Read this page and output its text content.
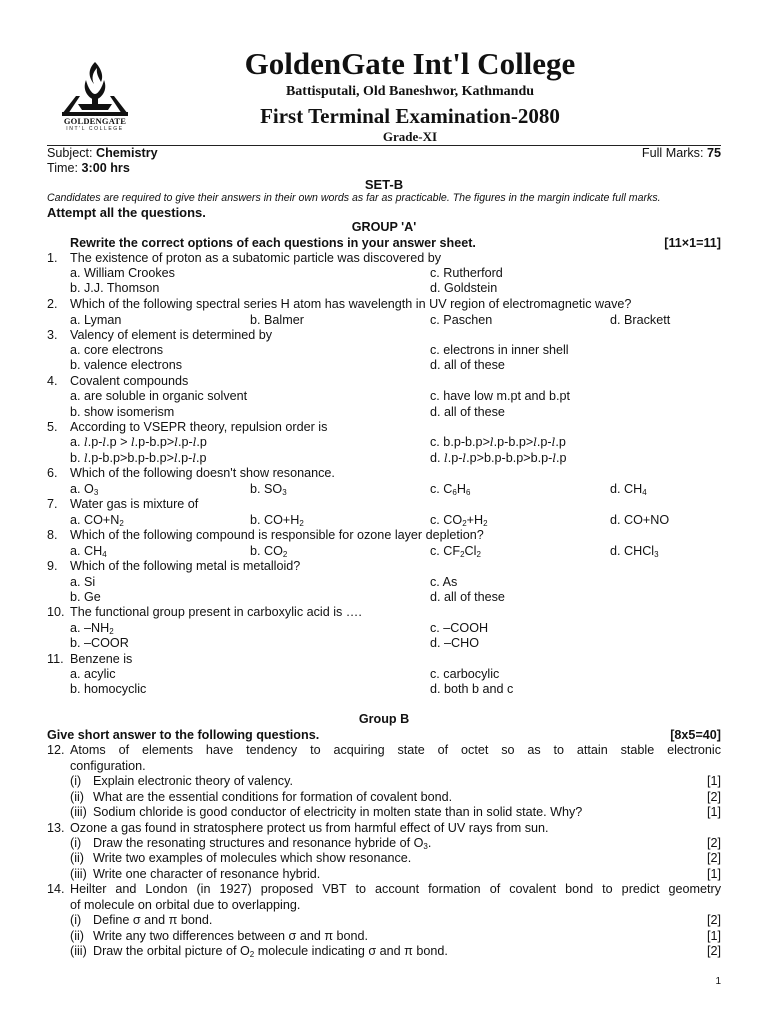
GOLDENGATE
INT'L COLLEGE
GoldenGate Int'l College
Battisputali, Old Baneshwor, Kathmandu
First Terminal Examination-2080
Grade-XI
Subject: Chemistry	Full Marks: 75
Time: 3:00 hrs
SET-B
Candidates are required to give their answers in their own words as far as practicable. The figures in the margin indicate full marks.
Attempt all the questions.
GROUP 'A'
Rewrite the correct options of each questions in your answer sheet.	[11×1=11]
1. The existence of proton as a subatomic particle was discovered by
a. William Crookes	c. Rutherford
b. J.J. Thomson	d. Goldstein
2. Which of the following spectral series H atom has wavelength in UV region of electromagnetic wave?
a. Lyman	b. Balmer	c. Paschen	d. Brackett
3. Valency of element is determined by
a. core electrons	c. electrons in inner shell
b. valence electrons	d. all of these
4. Covalent compounds
a. are soluble in organic solvent	c. have low m.pt and b.pt
b. show isomerism	d. all of these
5. According to VSEPR theory, repulsion order is
a. l.p-l.p > l.p-b.p>l.p-l.p	c. b.p-b.p>l.p-b.p>l.p-l.p
b. l.p-b.p>b.p-b.p>l.p-l.p	d. l.p-l.p>b.p-b.p>b.p-l.p
6. Which of the following doesn't show resonance.
a. $O_3$	b. $SO_3$	c. $C_6H_6$	d. $CH_4$
7. Water gas is mixture of
a. $CO+N_2$	b. $CO+H_2$	c. $CO_2+H_2$	d. CO+NO
8. Which of the following compound is responsible for ozone layer depletion?
a. $CH_4$	b. $CO_2$	c. $CF_2Cl_2$	d. CHCl$_3$
9. Which of the following metal is metalloid?
a. Si	c. As
b. Ge	d. all of these
10. The functional group present in carboxylic acid is ….
a. $-NH_2$	c. –COOH
b. –COOR	d. –CHO
11. Benzene is
a. acylic	c. carbocylic
b. homocyclic	d. both b and c
Group B
Give short answer to the following questions.	[8x5=40]
12. Atoms of elements have tendency to acquiring state of octet so as to attain stable electronic
configuration.
(i) Explain electronic theory of valency.	[1]
(ii) What are the essential conditions for formation of covalent bond.	[2]
(iii) Sodium chloride is good conductor of electricity in molten state than in solid state. Why?	[1]
13. Ozone a gas found in stratosphere protect us from harmful effect of UV rays from sun.
(i) Draw the resonating structures and resonance hybride of $O_3$.	[2]
(ii) Write two examples of molecules which show resonance.	[2]
(iii) Write one character of resonance hybrid.	[1]
14. Heilter and London (in 1927) proposed VBT to account formation of covalent bond to predict geometry
of molecule on orbital due to overlapping.
(i) Define σ and π bond.	[2]
(ii) Write any two differences between σ and π bond.	[1]
(iii) Draw the orbital picture of $O_2$ molecule indicating σ and π bond.	[2]
1
